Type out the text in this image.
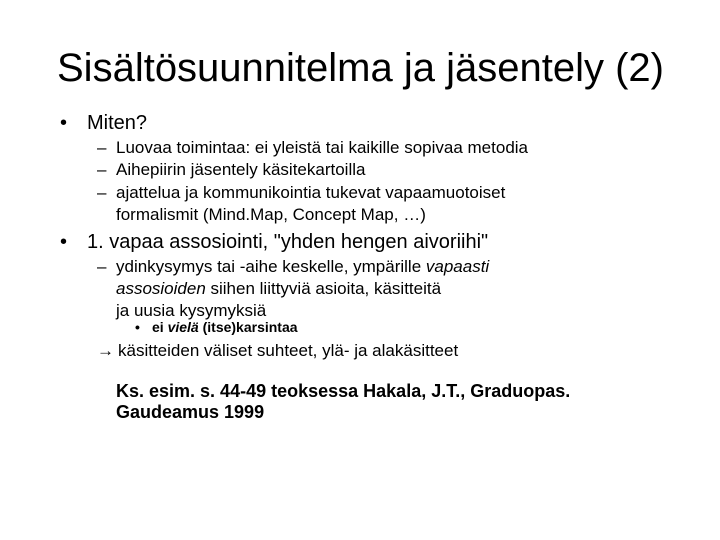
Sisältösuunnitelma ja jäsentely (2)
• Miten?
– Luovaa toimintaa: ei yleistä tai kaikille sopivaa metodia
– Aihepiirin jäsentely käsitekartoilla
– ajattelua ja kommunikointia tukevat vapaamuotoiset
formalismit (Mind.Map, Concept Map, …)
• 1. vapaa assosiointi, "yhden hengen aivoriihi"
– ydinkysymys tai -aihe keskelle, ympärille vapaasti
assosioiden siihen liittyviä asioita, käsitteitä
ja uusia kysymyksiä
• ei vielä (itse)karsintaa
→ käsitteiden väliset suhteet, ylä- ja alakäsitteet
Ks. esim. s. 44-49 teoksessa Hakala, J.T., Graduopas.
Gaudeamus 1999
